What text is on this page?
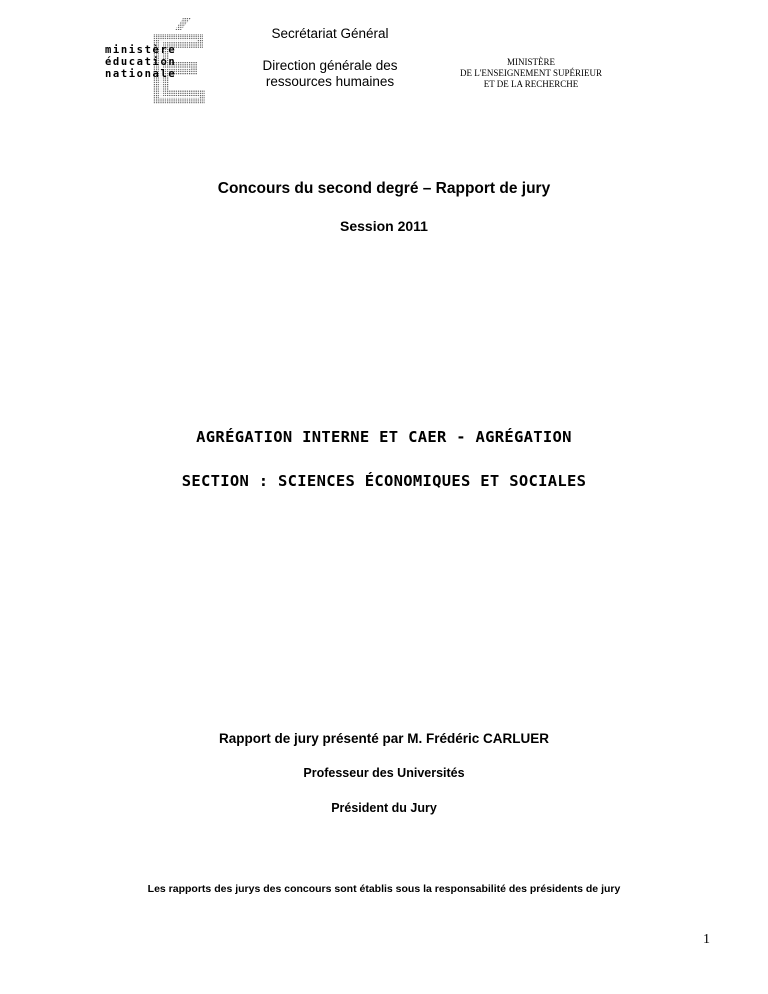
ministère
éducation
nationale
Secrétariat Général
Direction générale des
ressources humaines
MINISTÈRE
DE L'ENSEIGNEMENT SUPÉRIEUR
ET DE LA RECHERCHE
Concours du second degré – Rapport de jury
Session 2011
AGRÉGATION INTERNE ET CAER - AGRÉGATION
SECTION : SCIENCES ÉCONOMIQUES ET SOCIALES
Rapport de jury présenté par M. Frédéric CARLUER
Professeur des Universités
Président du Jury
Les rapports des jurys des concours sont établis sous la responsabilité des présidents de jury
1
